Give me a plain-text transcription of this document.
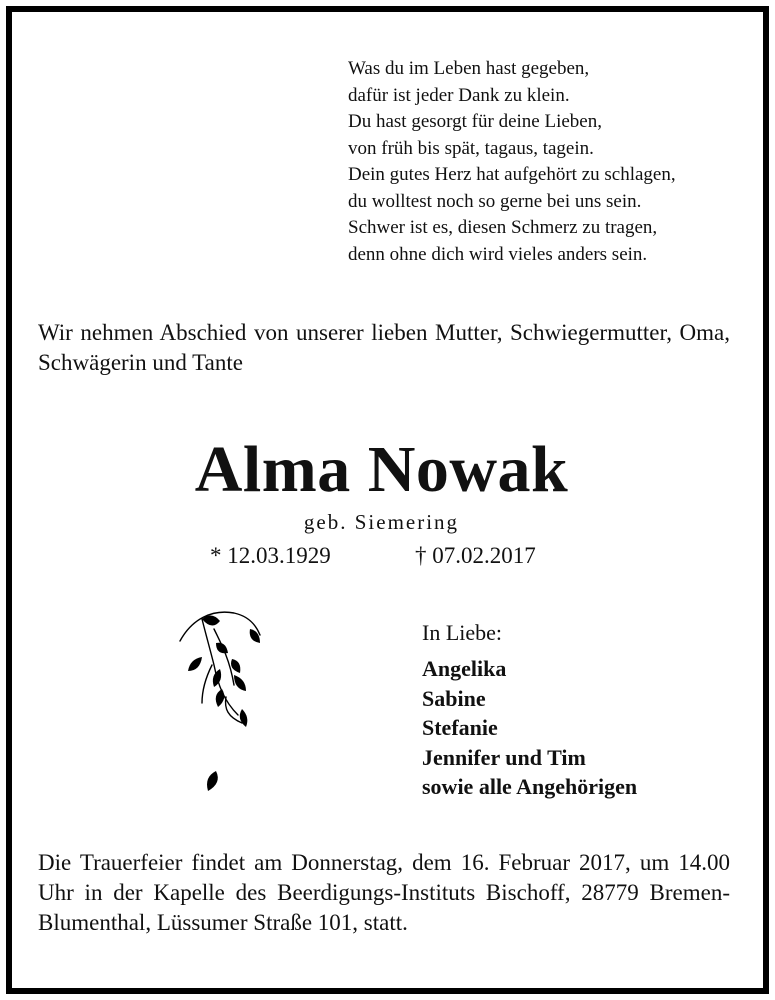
Was du im Leben hast gegeben,
dafür ist jeder Dank zu klein.
Du hast gesorgt für deine Lieben,
von früh bis spät, tagaus, tagein.
Dein gutes Herz hat aufgehört zu schlagen,
du wolltest noch so gerne bei uns sein.
Schwer ist es, diesen Schmerz zu tragen,
denn ohne dich wird vieles anders sein.
Wir nehmen Abschied von unserer lieben Mutter, Schwiegermutter, Oma, Schwägerin und Tante
Alma Nowak
geb. Siemering
* 12.03.1929	† 07.02.2017
In Liebe:
Angelika
Sabine
Stefanie
Jennifer und Tim
sowie alle Angehörigen
Die Trauerfeier findet am Donnerstag, dem 16. Februar 2017, um 14.00 Uhr in der Kapelle des Beerdigungs-Instituts Bischoff, 28779 Bremen-Blumenthal, Lüssumer Straße 101, statt.
